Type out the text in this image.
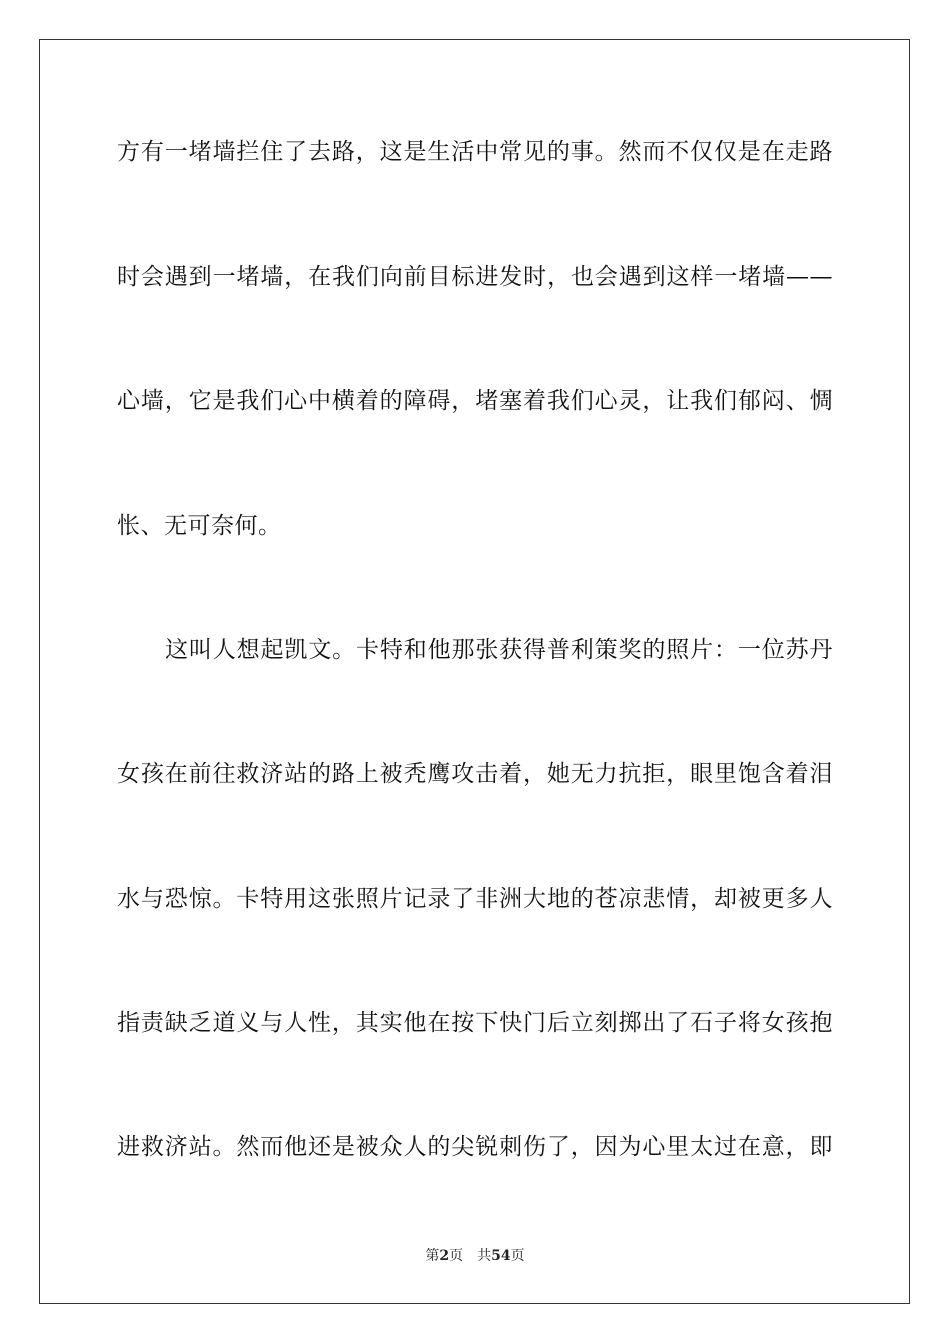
方有一堵墙拦住了去路，这是生活中常见的事。然而不仅仅是在走路
时会遇到一堵墙，在我们向前目标进发时，也会遇到这样一堵墙——
心墙，它是我们心中横着的障碍，堵塞着我们心灵，让我们郁闷、惆
怅、无可奈何。
这叫人想起凯文。卡特和他那张获得普利策奖的照片：一位苏丹
女孩在前往救济站的路上被秃鹰攻击着，她无力抗拒，眼里饱含着泪
水与恐惊。卡特用这张照片记录了非洲大地的苍凉悲情，却被更多人
指责缺乏道义与人性，其实他在按下快门后立刻掷出了石子将女孩抱
进救济站。然而他还是被众人的尖锐刺伤了，因为心里太过在意，即
第2页 共54页
